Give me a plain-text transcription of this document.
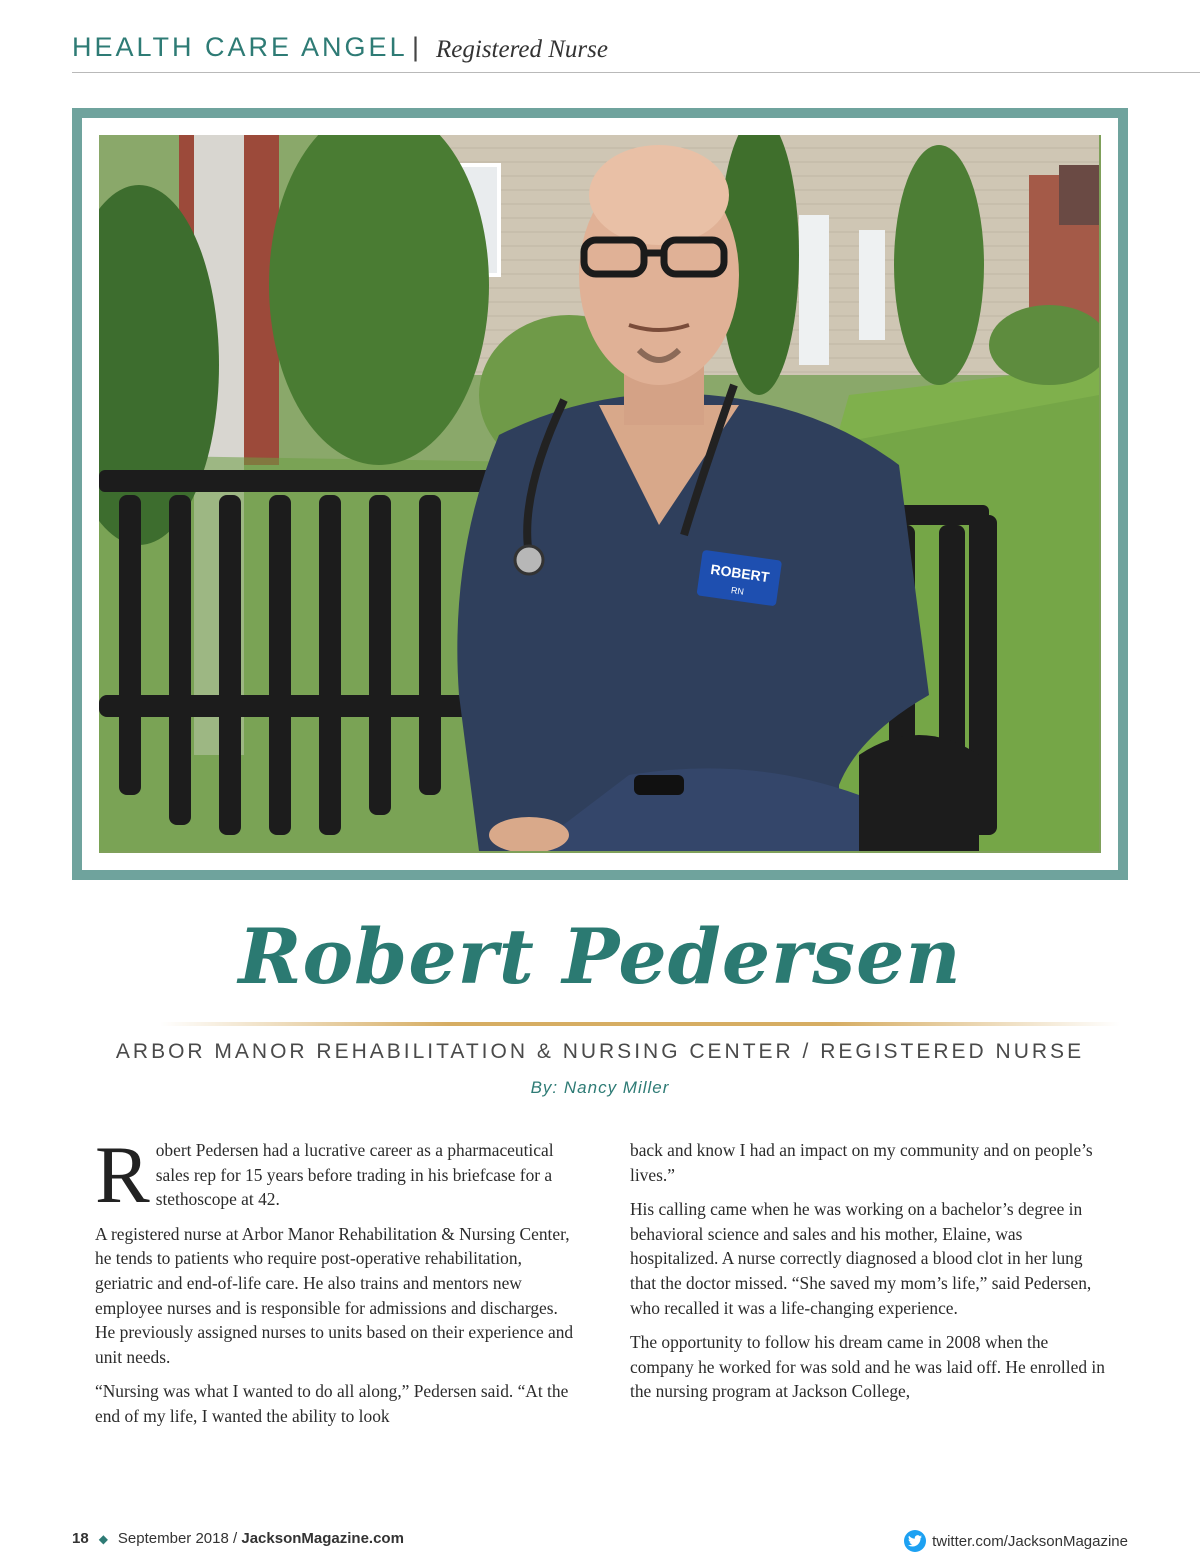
HEALTH CARE ANGEL | Registered Nurse
ROBERT
RN
Robert Pedersen
ARBOR MANOR REHABILITATION & NURSING CENTER / REGISTERED NURSE
By: Nancy Miller

Robert Pedersen had a lucrative career as a pharmaceutical sales rep for 15 years before trading in his briefcase for a stethoscope at 42.

A registered nurse at Arbor Manor Rehabilitation & Nursing Center, he tends to patients who require post-operative rehabilitation, geriatric and end-of-life care. He also trains and mentors new employee nurses and is responsible for admissions and discharges. He previously assigned nurses to units based on their experience and unit needs.

“Nursing was what I wanted to do all along,” Pedersen said. “At the end of my life, I wanted the ability to look

back and know I had an impact on my community and on people’s lives.”

His calling came when he was working on a bachelor’s degree in behavioral science and sales and his mother, Elaine, was hospitalized. A nurse correctly diagnosed a blood clot in her lung that the doctor missed. “She saved my mom’s life,” said Pedersen, who recalled it was a life-changing experience.

The opportunity to follow his dream came in 2008 when the company he worked for was sold and he was laid off. He enrolled in the nursing program at Jackson College,

18 ◆ September 2018 / JacksonMagazine.com	twitter.com/JacksonMagazine
